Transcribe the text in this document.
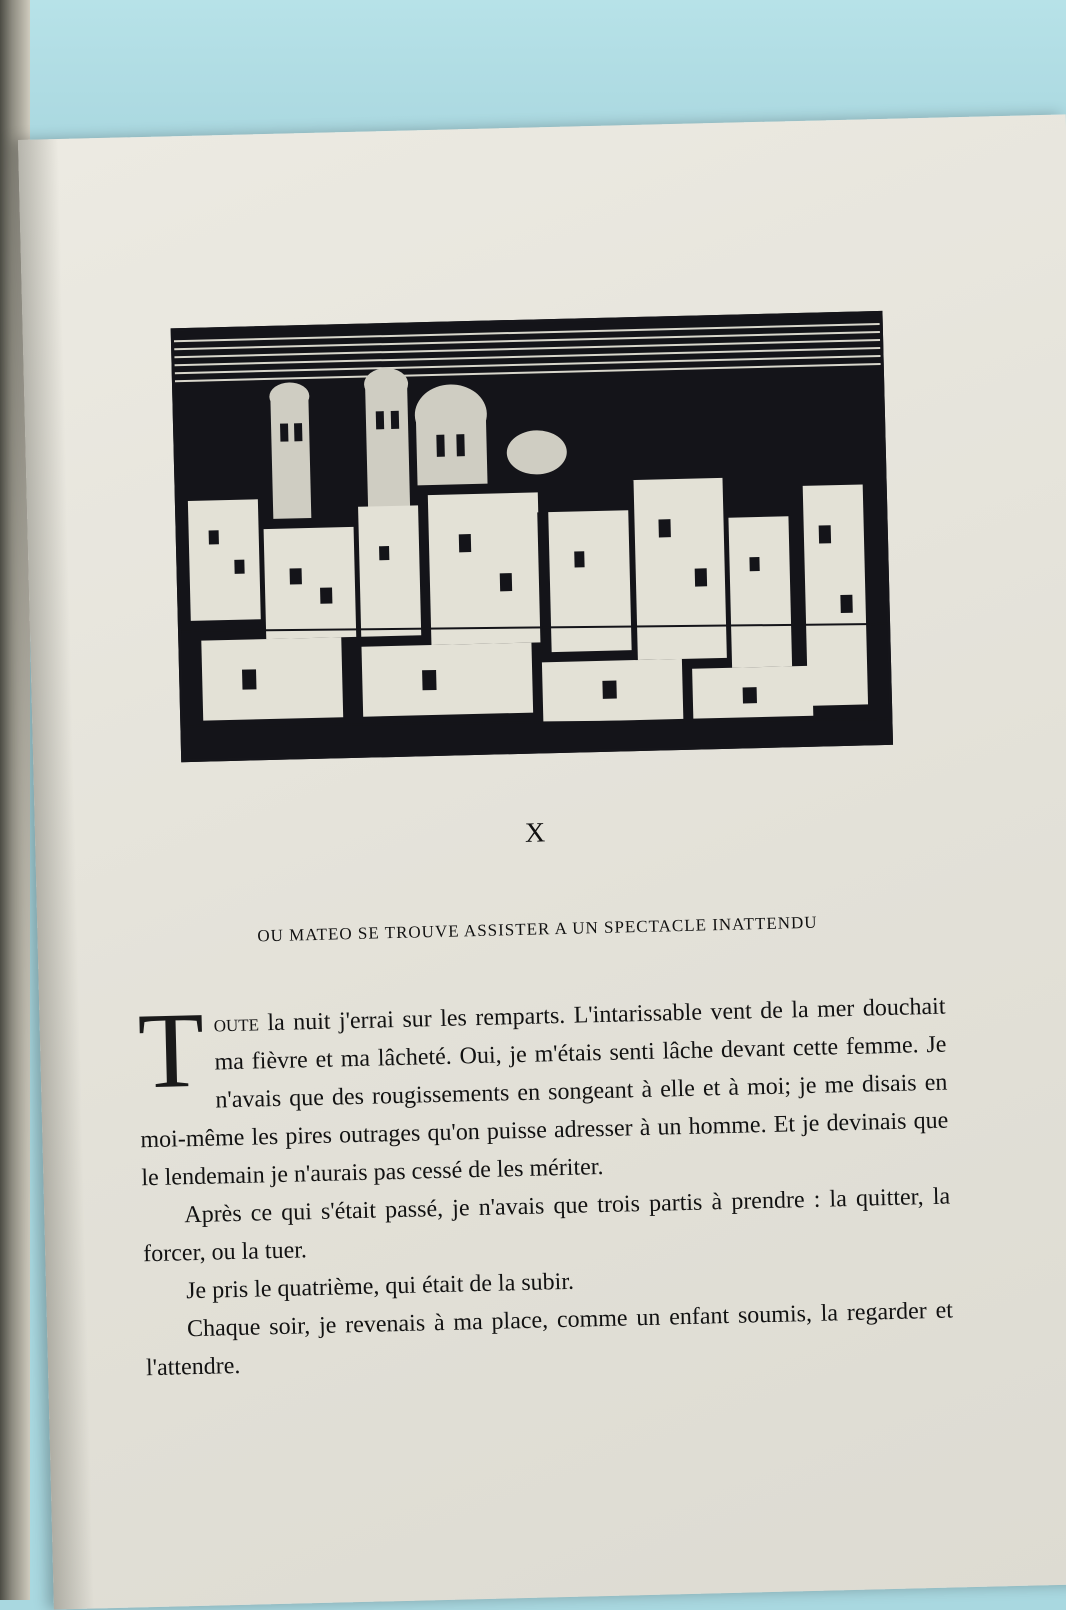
X
OU MATEO SE TROUVE ASSISTER A UN SPECTACLE INATTENDU

Toute la nuit j'errai sur les remparts. L'intarissable vent de la mer douchait ma fièvre et ma lâcheté. Oui, je m'étais senti lâche devant cette femme. Je n'avais que des rougissements en songeant à elle et à moi; je me disais en moi-même les pires outrages qu'on puisse adresser à un homme. Et je devinais que le lendemain je n'aurais pas cessé de les mériter.

Après ce qui s'était passé, je n'avais que trois partis à prendre : la quitter, la forcer, ou la tuer.

Je pris le quatrième, qui était de la subir.

Chaque soir, je revenais à ma place, comme un enfant soumis, la regarder et l'attendre.
